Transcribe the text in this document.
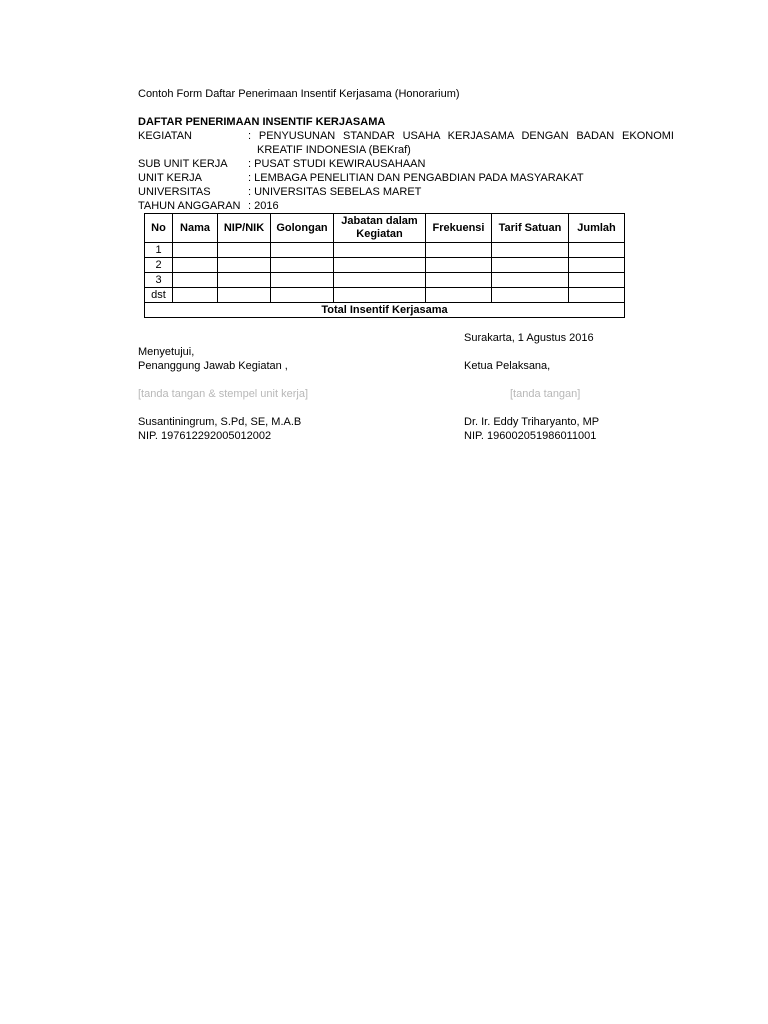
Contoh Form Daftar Penerimaan Insentif Kerjasama (Honorarium)
DAFTAR PENERIMAAN INSENTIF KERJASAMA
KEGIATAN	: PENYUSUNAN STANDAR USAHA KERJASAMA DENGAN BADAN EKONOMI
KREATIF INDONESIA (BEKraf)
SUB UNIT KERJA : PUSAT STUDI KEWIRAUSAHAAN
UNIT KERJA	: LEMBAGA PENELITIAN DAN PENGABDIAN PADA MASYARAKAT
UNIVERSITAS	: UNIVERSITAS SEBELAS MARET
TAHUN ANGGARAN : 2016
No	Nama	NIP/NIK	Golongan	Jabatan dalam Kegiatan	Frekuensi	Tarif Satuan	Jumlah
1							
2							
3							
dst							
Total Insentif Kerjasama							
Surakarta, 1 Agustus 2016
Menyetujui,
Penanggung Jawab Kegiatan ,	Ketua Pelaksana,
[tanda tangan & stempel unit kerja]	[tanda tangan]
Susantiningrum, S.Pd, SE, M.A.B	Dr. Ir. Eddy Triharyanto, MP
NIP. 197612292005012002	NIP. 196002051986011001
